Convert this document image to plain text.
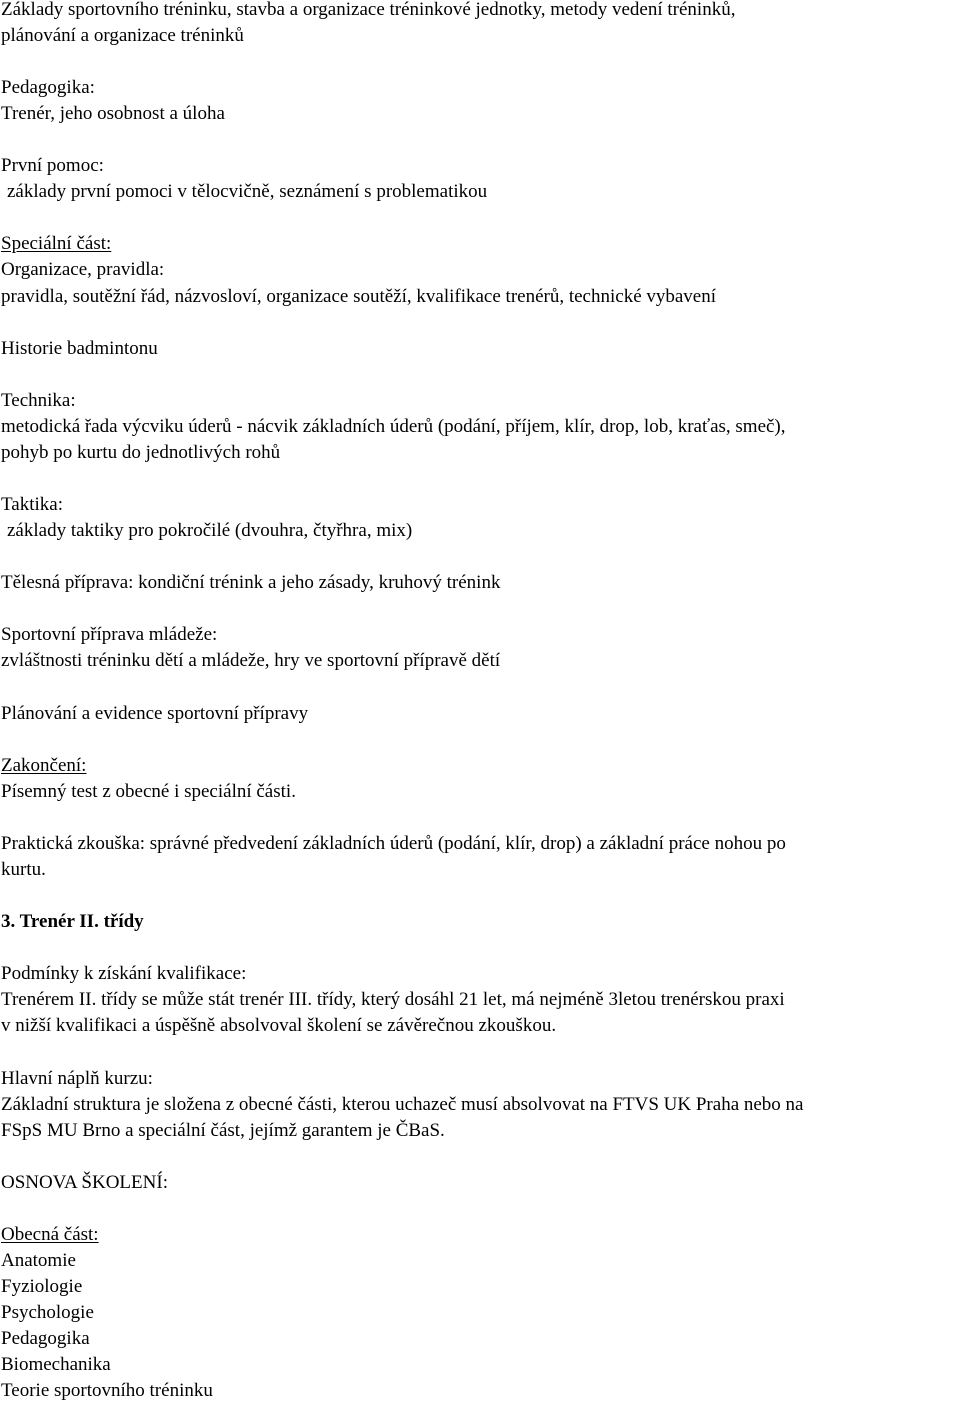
Základy sportovního tréninku, stavba a organizace tréninkové jednotky, metody vedení tréninků,
plánování a organizace tréninků
Pedagogika:
Trenér, jeho osobnost a úloha
První pomoc:
základy první pomoci v tělocvičně, seznámení s problematikou
Speciální část:
Organizace, pravidla:
pravidla, soutěžní řád, názvosloví, organizace soutěží, kvalifikace trenérů, technické vybavení
Historie badmintonu
Technika:
metodická řada výcviku úderů - nácvik základních úderů (podání, příjem, klír, drop, lob, kraťas, smeč),
pohyb po kurtu do jednotlivých rohů
Taktika:
základy taktiky pro pokročilé (dvouhra, čtyřhra, mix)
Tělesná příprava: kondiční trénink a jeho zásady, kruhový trénink
Sportovní příprava mládeže:
zvláštnosti tréninku dětí a mládeže, hry ve sportovní přípravě dětí
Plánování a evidence sportovní přípravy
Zakončení:
Písemný test z obecné i speciální části.
Praktická zkouška: správné předvedení základních úderů (podání, klír, drop) a základní práce nohou po
kurtu.
3. Trenér II. třídy
Podmínky k získání kvalifikace:
Trenérem II. třídy se může stát trenér III. třídy, který dosáhl 21 let, má nejméně 3letou trenérskou praxi
v nižší kvalifikaci a úspěšně absolvoval školení se závěrečnou zkouškou.
Hlavní náplň kurzu:
Základní struktura je složena z obecné části, kterou uchazeč musí absolvovat na FTVS UK Praha nebo na
FSpS MU Brno a speciální část, jejímž garantem je ČBaS.
OSNOVA ŠKOLENÍ:
Obecná část:
Anatomie
Fyziologie
Psychologie
Pedagogika
Biomechanika
Teorie sportovního tréninku
